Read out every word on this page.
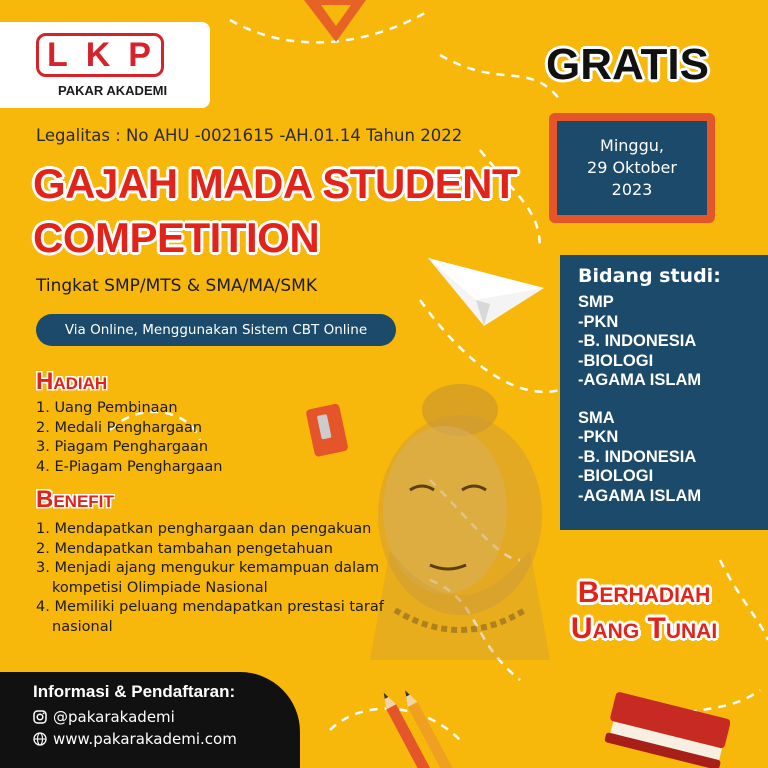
L K P
PAKAR AKADEMI
Legalitas : No AHU -0021615 -AH.01.14 Tahun 2022
GAJAH MADA STUDENT
COMPETITION
Tingkat SMP/MTS & SMA/MA/SMK
Via Online, Menggunakan Sistem CBT Online
Hadiah
1. Uang Pembinaan
2. Medali Penghargaan
3. Piagam Penghargaan
4. E-Piagam Penghargaan
Benefit
1. Mendapatkan penghargaan dan pengakuan
2. Mendapatkan tambahan pengetahuan
3. Menjadi ajang mengukur kemampuan dalam kompetisi Olimpiade Nasional
4. Memiliki peluang mendapatkan prestasi taraf nasional
GRATIS
Minggu,
29 Oktober
2023
Bidang studi:
SMP
-PKN
-B. INDONESIA
-BIOLOGI
-AGAMA ISLAM
SMA
-PKN
-B. INDONESIA
-BIOLOGI
-AGAMA ISLAM
Berhadiah
Uang Tunai
Informasi & Pendaftaran:
@pakarakademi
www.pakarakademi.com
